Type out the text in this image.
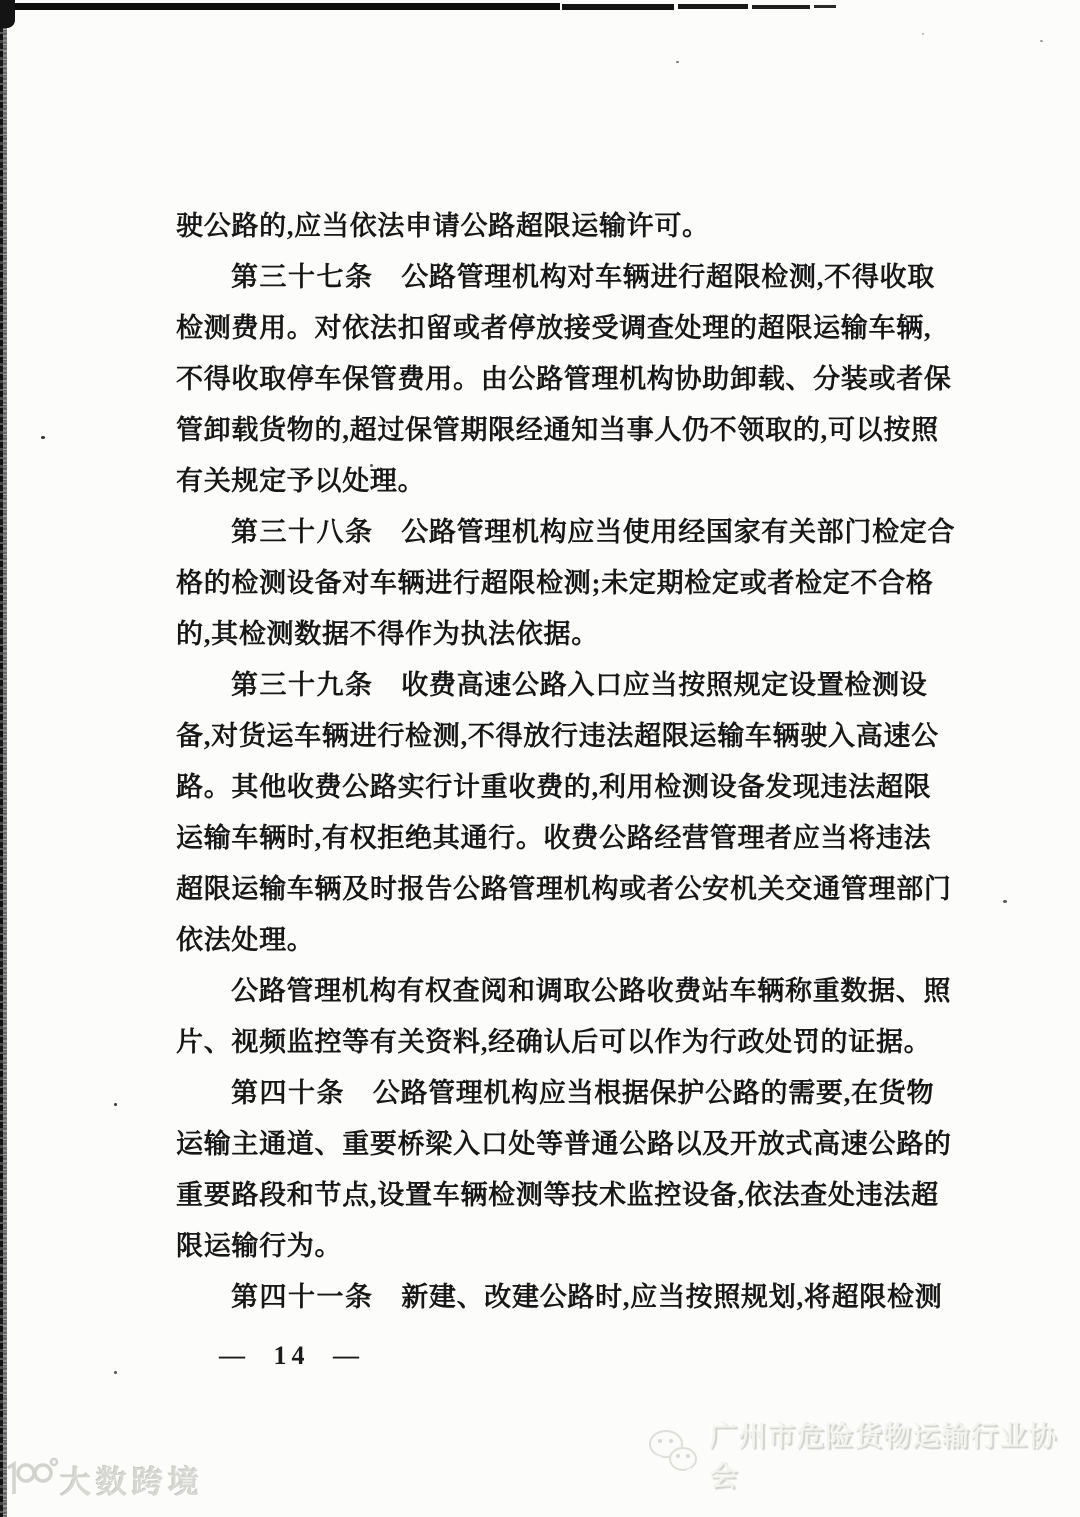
驶公路的,应当依法申请公路超限运输许可。
第三十七条　公路管理机构对车辆进行超限检测,不得收取
检测费用。对依法扣留或者停放接受调查处理的超限运输车辆,
不得收取停车保管费用。由公路管理机构协助卸载、分装或者保
管卸载货物的,超过保管期限经通知当事人仍不领取的,可以按照
有关规定予以处理。
第三十八条　公路管理机构应当使用经国家有关部门检定合
格的检测设备对车辆进行超限检测;未定期检定或者检定不合格
的,其检测数据不得作为执法依据。
第三十九条　收费高速公路入口应当按照规定设置检测设
备,对货运车辆进行检测,不得放行违法超限运输车辆驶入高速公
路。其他收费公路实行计重收费的,利用检测设备发现违法超限
运输车辆时,有权拒绝其通行。收费公路经营管理者应当将违法
超限运输车辆及时报告公路管理机构或者公安机关交通管理部门
依法处理。
公路管理机构有权查阅和调取公路收费站车辆称重数据、照
片、视频监控等有关资料,经确认后可以作为行政处罚的证据。
第四十条　公路管理机构应当根据保护公路的需要,在货物
运输主通道、重要桥梁入口处等普通公路以及开放式高速公路的
重要路段和节点,设置车辆检测等技术监控设备,依法查处违法超
限运输行为。
第四十一条　新建、改建公路时,应当按照规划,将超限检测
— 14 —
大数跨境
广州市危险货物运输行业协会
